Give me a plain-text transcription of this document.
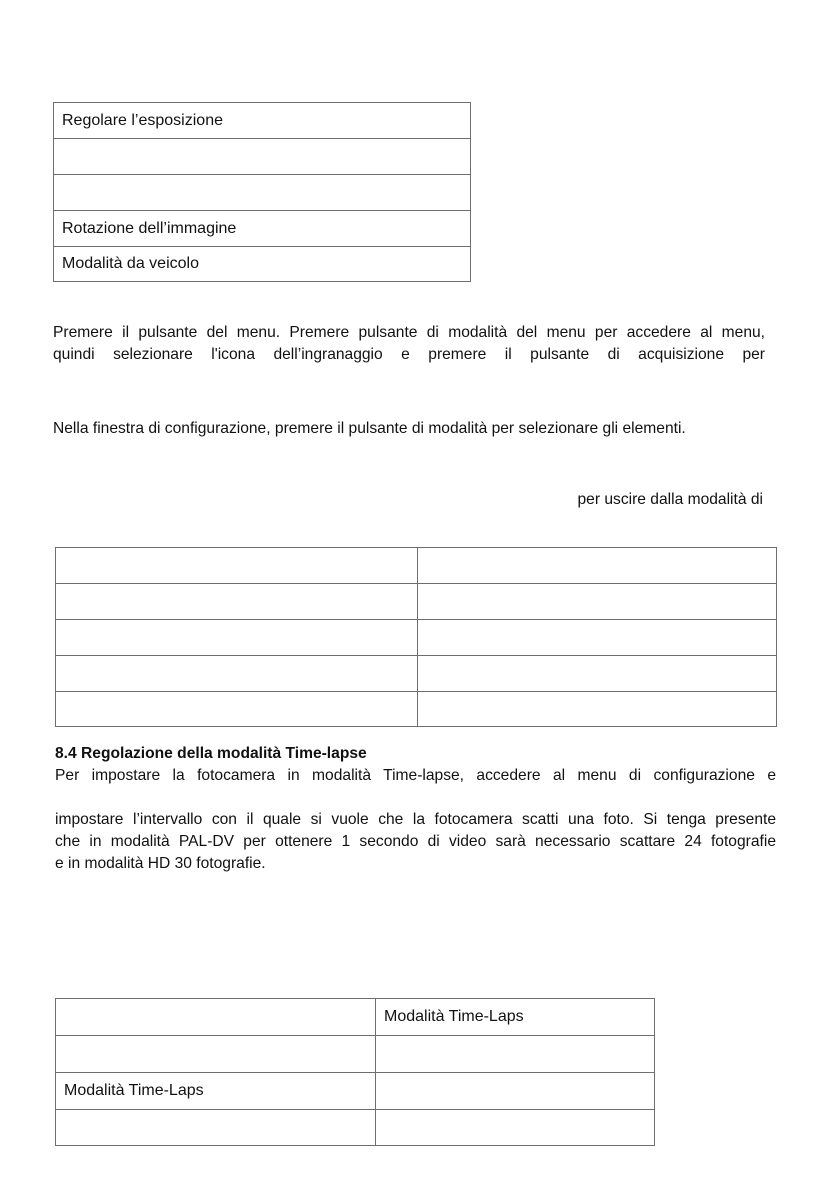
Regolare l’esposizione

Rotazione dell’immagine
Modalità da veicolo
Premere il pulsante del menu. Premere pulsante di modalità del menu per accedere al menu,
quindi selezionare l'icona dell’ingranaggio e premere il pulsante di acquisizione per
Nella finestra di configurazione, premere il pulsante di modalità per selezionare gli elementi.
per uscire dalla modalità di

8.4 Regolazione della modalità Time-lapse
Per impostare la fotocamera in modalità Time-lapse, accedere al menu di configurazione e
impostare l’intervallo con il quale si vuole che la fotocamera scatti una foto. Si tenga presente
che in modalità PAL-DV per ottenere 1 secondo di video sarà necessario scattare 24 fotografie
e in modalità HD 30 fotografie.
	Modalità Time-Laps

Modalità Time-Laps	
